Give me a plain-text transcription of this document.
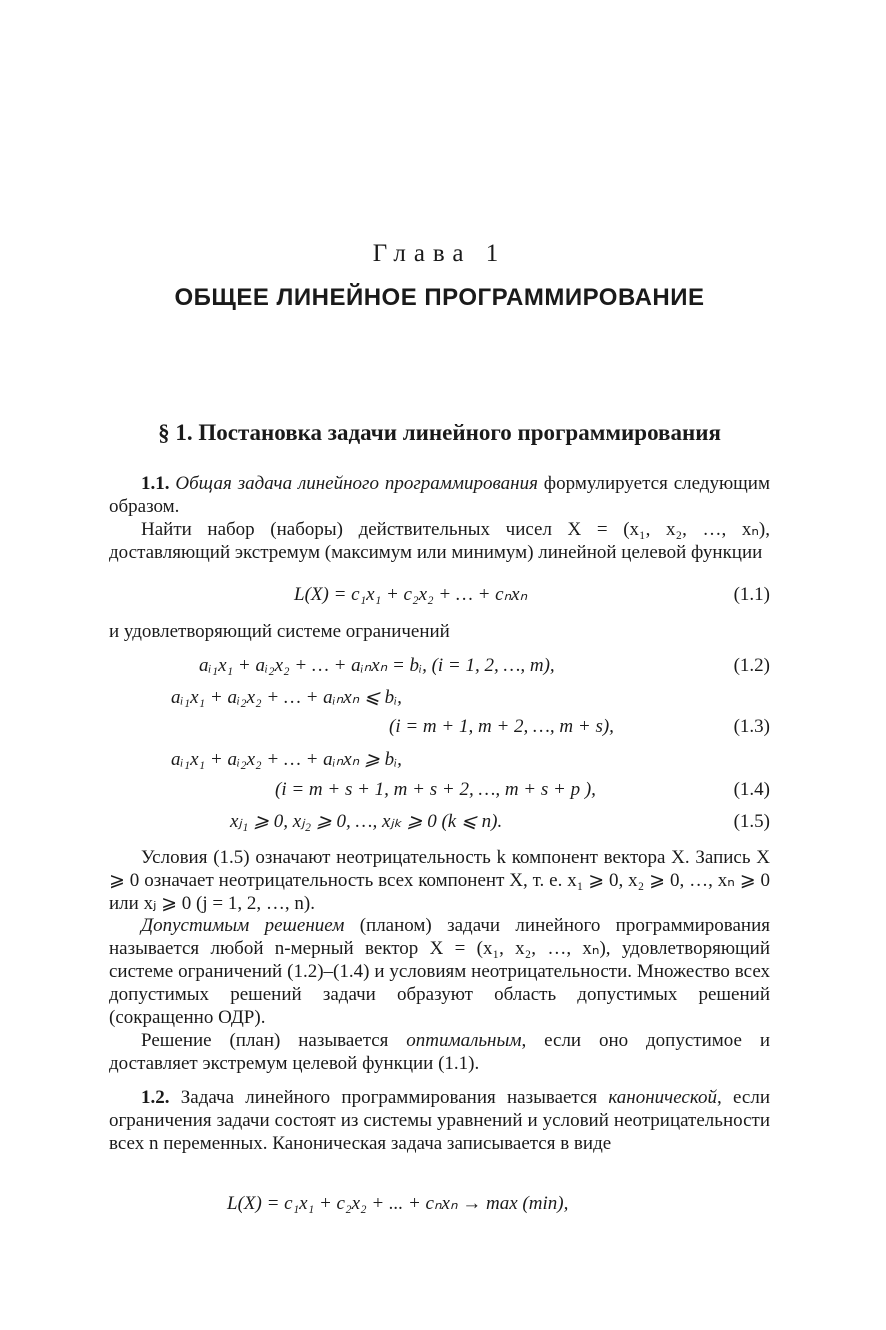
Глава 1
ОБЩЕЕ ЛИНЕЙНОЕ ПРОГРАММИРОВАНИЕ
§ 1. Постановка задачи линейного программирования
1.1. Общая задача линейного программирования формулируется следующим образом.
Найти набор (наборы) действительных чисел X = (x₁, x₂, …, xₙ), доставляющий экстремум (максимум или минимум) линейной целевой функции
L(X) = c₁x₁ + c₂x₂ + … + cₙxₙ	(1.1)
и удовлетворяющий системе ограничений
aᵢ₁x₁ + aᵢ₂x₂ + … + aᵢₙxₙ = bᵢ, (i = 1, 2, …, m),	(1.2)
aᵢ₁x₁ + aᵢ₂x₂ + … + aᵢₙxₙ ⩽ bᵢ,
(i = m + 1, m + 2, …, m + s),	(1.3)
aᵢ₁x₁ + aᵢ₂x₂ + … + aᵢₙxₙ ⩾ bᵢ,
(i = m + s + 1, m + s + 2, …, m + s + p ),	(1.4)
xⱼ₁ ⩾ 0, xⱼ₂ ⩾ 0, …, xⱼₖ ⩾ 0 (k ⩽ n).	(1.5)
Условия (1.5) означают неотрицательность k компонент вектора X. Запись X ⩾ 0 означает неотрицательность всех компонент X, т. е. x₁ ⩾ 0, x₂ ⩾ 0, …, xₙ ⩾ 0 или xⱼ ⩾ 0 (j = 1, 2, …, n).
Допустимым решением (планом) задачи линейного программирования называется любой n-мерный вектор X = (x₁, x₂, …, xₙ), удовлетворяющий системе ограничений (1.2)–(1.4) и условиям неотрицательности. Множество всех допустимых решений задачи образуют область допустимых решений (сокращенно ОДР).
Решение (план) называется оптимальным, если оно допустимое и доставляет экстремум целевой функции (1.1).
1.2. Задача линейного программирования называется канонической, если ограничения задачи состоят из системы уравнений и условий неотрицательности всех n переменных. Каноническая задача записывается в виде
L(X) = c₁x₁ + c₂x₂ + ... + cₙxₙ → max (min),
